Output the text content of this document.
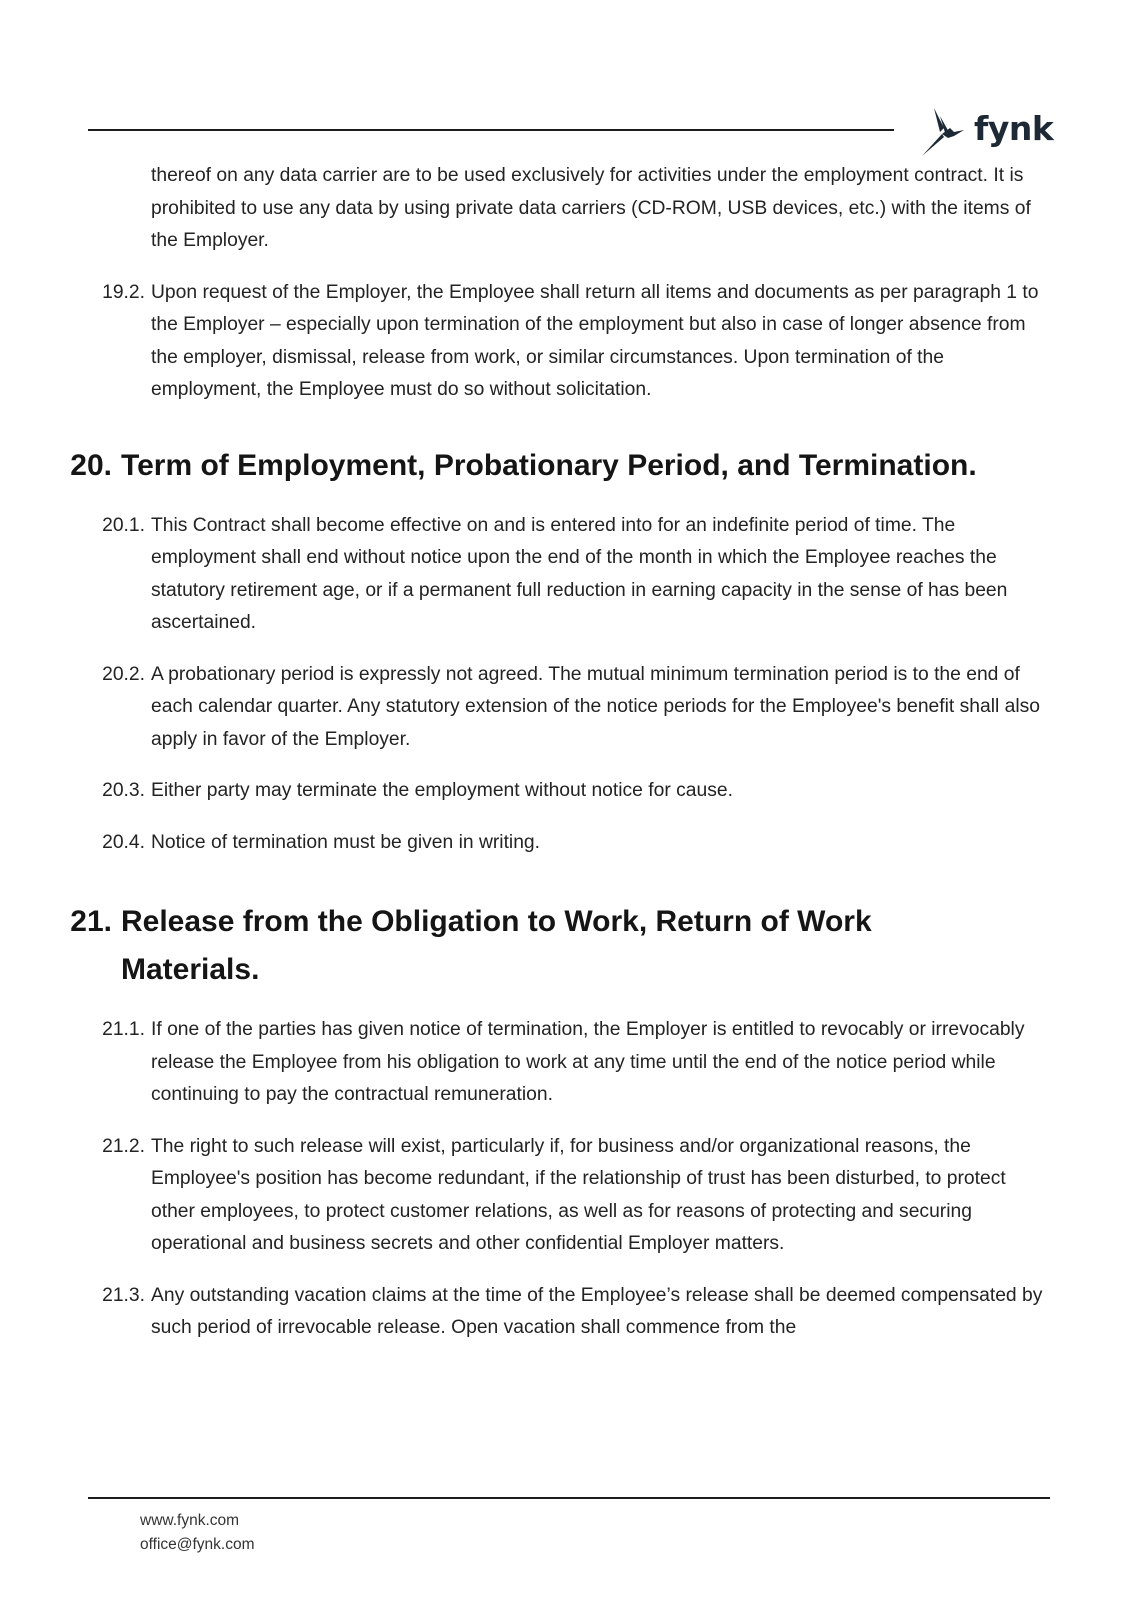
fynk
thereof on any data carrier are to be used exclusively for activities under the employment contract. It is prohibited to use any data by using private data carriers (CD-ROM, USB devices, etc.) with the items of the Employer.
19.2. Upon request of the Employer, the Employee shall return all items and documents as per paragraph 1 to the Employer – especially upon termination of the employment but also in case of longer absence from the employer, dismissal, release from work, or similar circumstances. Upon termination of the employment, the Employee must do so without solicitation.
20. Term of Employment, Probationary Period, and Termination.
20.1. This Contract shall become effective on and is entered into for an indefinite period of time. The employment shall end without notice upon the end of the month in which the Employee reaches the statutory retirement age, or if a permanent full reduction in earning capacity in the sense of has been ascertained.
20.2. A probationary period is expressly not agreed. The mutual minimum termination period is to the end of each calendar quarter. Any statutory extension of the notice periods for the Employee's benefit shall also apply in favor of the Employer.
20.3. Either party may terminate the employment without notice for cause.
20.4. Notice of termination must be given in writing.
21. Release from the Obligation to Work, Return of Work Materials.
21.1. If one of the parties has given notice of termination, the Employer is entitled to revocably or irrevocably release the Employee from his obligation to work at any time until the end of the notice period while continuing to pay the contractual remuneration.
21.2. The right to such release will exist, particularly if, for business and/or organizational reasons, the Employee's position has become redundant, if the relationship of trust has been disturbed, to protect other employees, to protect customer relations, as well as for reasons of protecting and securing operational and business secrets and other confidential Employer matters.
21.3. Any outstanding vacation claims at the time of the Employee’s release shall be deemed compensated by such period of irrevocable release. Open vacation shall commence from the
www.fynk.com
office@fynk.com
